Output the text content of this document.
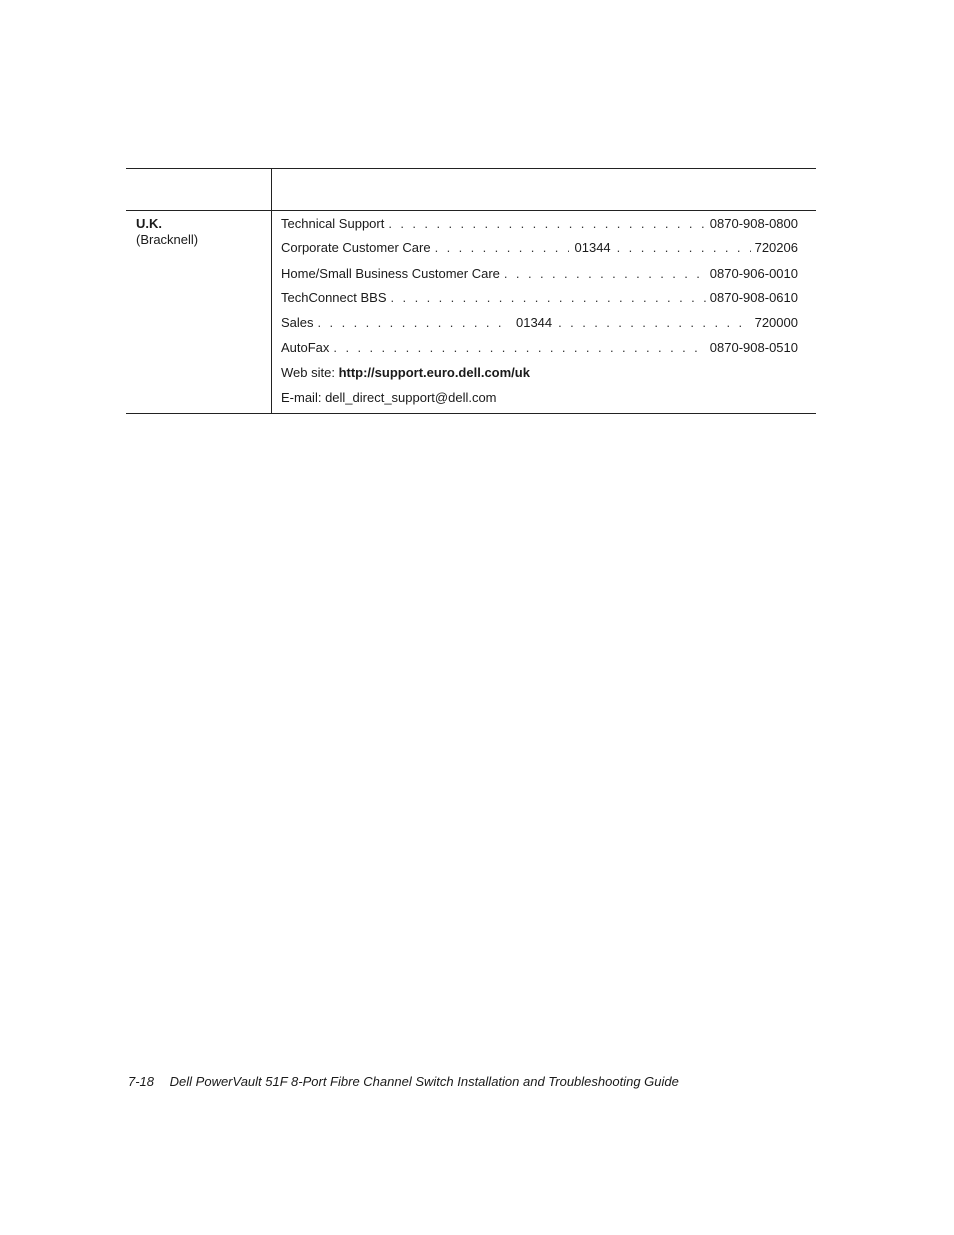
U.K.
(Bracknell)
Technical Support . . .	0870-908-0800
Corporate Customer Care . . .	01344 . . .	720206
Home/Small Business Customer Care . . .	0870-906-0010
TechConnect BBS . . .	0870-908-0610
Sales . . .	01344 . . .	720000
AutoFax . . .	0870-908-0510
Web site: http://support.euro.dell.com/uk
E-mail: dell_direct_support@dell.com
7-18 Dell PowerVault 51F 8-Port Fibre Channel Switch Installation and Troubleshooting Guide
